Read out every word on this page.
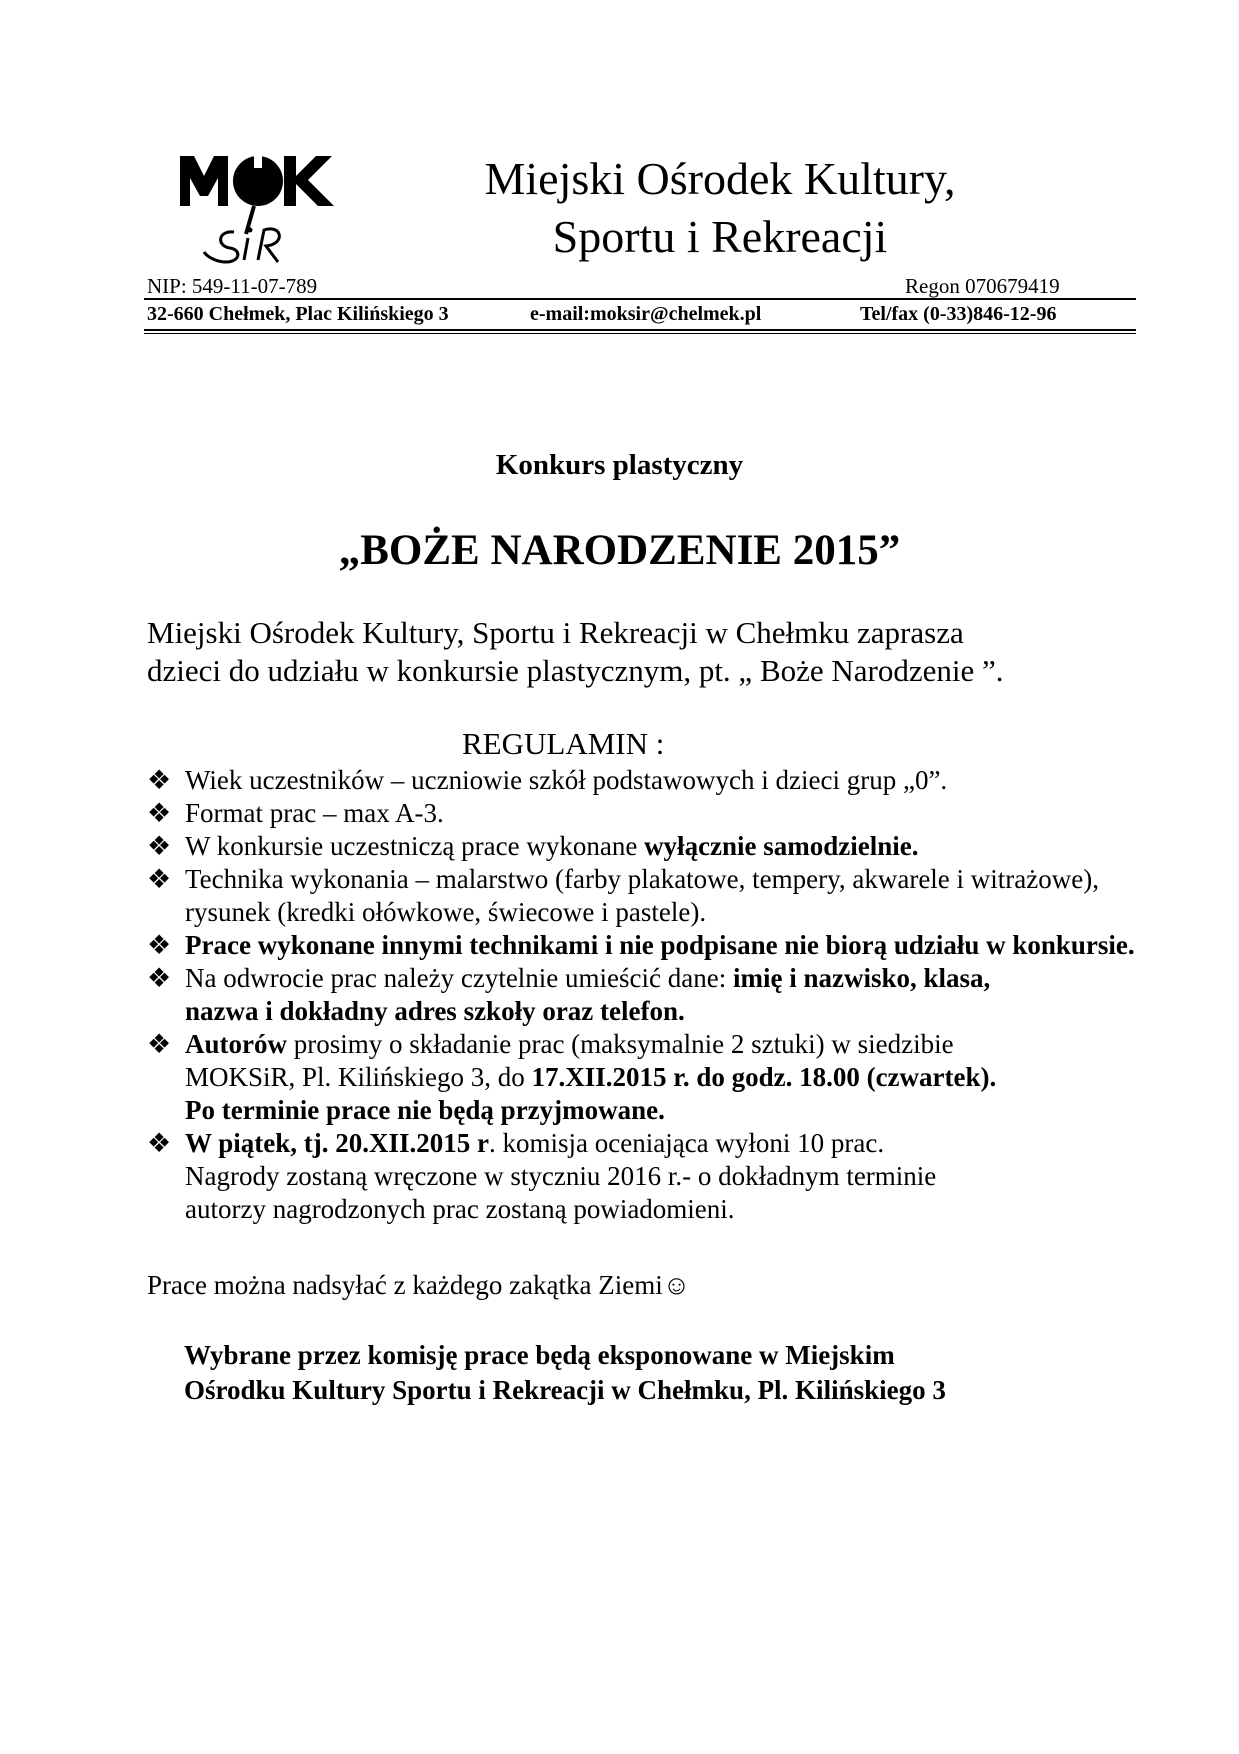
Miejski Ośrodek Kultury,
Sportu i Rekreacji
NIP: 549-11-07-789	Regon 070679419
32-660 Chełmek, Plac Kilińskiego 3	e-mail:moksir@chelmek.pl	Tel/fax (0-33)846-12-96
Konkurs plastyczny
„BOŻE NARODZENIE 2015”
Miejski Ośrodek Kultury, Sportu i Rekreacji w Chełmku zaprasza
dzieci do udziału w konkursie plastycznym, pt. „ Boże Narodzenie ”.
REGULAMIN :
❖ Wiek uczestników – uczniowie szkół podstawowych i dzieci grup „0”.
❖ Format prac – max A-3.
❖ W konkursie uczestniczą prace wykonane wyłącznie samodzielnie.
❖ Technika wykonania – malarstwo (farby plakatowe, tempery, akwarele i witrażowe),
rysunek (kredki ołówkowe, świecowe i pastele).
❖ Prace wykonane innymi technikami i nie podpisane nie biorą udziału w konkursie.
❖ Na odwrocie prac należy czytelnie umieścić dane: imię i nazwisko, klasa,
nazwa i dokładny adres szkoły oraz telefon.
❖ Autorów prosimy o składanie prac (maksymalnie 2 sztuki) w siedzibie
MOKSiR, Pl. Kilińskiego 3, do 17.XII.2015 r. do godz. 18.00 (czwartek).
Po terminie prace nie będą przyjmowane.
❖ W piątek, tj. 20.XII.2015 r. komisja oceniająca wyłoni 10 prac.
Nagrody zostaną wręczone w styczniu 2016 r.- o dokładnym terminie
autorzy nagrodzonych prac zostaną powiadomieni.
Prace można nadsyłać z każdego zakątka Ziemi☺
Wybrane przez komisję prace będą eksponowane w Miejskim
Ośrodku Kultury Sportu i Rekreacji w Chełmku, Pl. Kilińskiego 3
